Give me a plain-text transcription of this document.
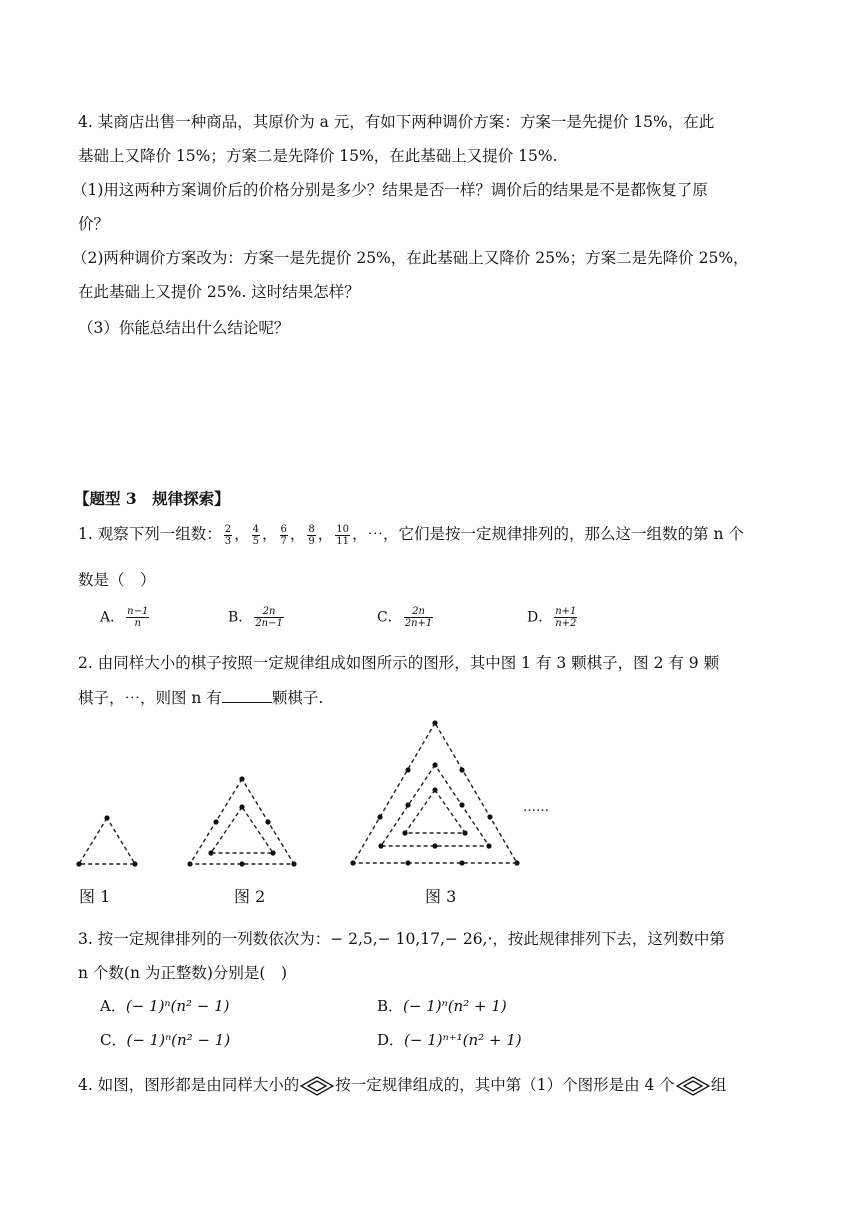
4. 某商店出售一种商品，其原价为 a 元，有如下两种调价方案：方案一是先提价 15%，在此
基础上又降价 15%；方案二是先降价 15%，在此基础上又提价 15%.
（1)用这两种方案调价后的价格分别是多少？结果是否一样？调价后的结果是不是都恢复了原
价？
（2)两种调价方案改为：方案一是先提价 25%，在此基础上又降价 25%；方案二是先降价 25%，
在此基础上又提价 25%. 这时结果怎样？
（3）你能总结出什么结论呢？
【题型 3　规律探索】
1. 观察下列一组数： $\frac{2}{3}$ ， $\frac{4}{5}$ ， $\frac{6}{7}$ ， $\frac{8}{9}$ ， $\frac{10}{11}$ ，⋯，它们是按一定规律排列的，那么这一组数的第 n 个
数是（　）
A． $\frac{n-1}{n}$	B． $\frac{2n}{2n-1}$	C． $\frac{2n}{2n+1}$	D． $\frac{n+1}{n+2}$
2. 由同样大小的棋子按照一定规律组成如图所示的图形，其中图 1 有 3 颗棋子，图 2 有 9 颗
棋子，⋯，则图 n 有	颗棋子.
……
图 1	图 2	图 3
3. 按一定规律排列的一列数依次为：− 2,5,− 10,17,− 26,·，按此规律排列下去，这列数中第
n 个数(n 为正整数)分别是(　)
A．(− 1)ⁿ(n² − 1)	B．(− 1)ⁿ(n² + 1)
C．(− 1)ⁿ(n² − 1)	D．(− 1)ⁿ⁺¹(n² + 1)
4. 如图，图形都是由同样大小的 按一定规律组成的，其中第（1）个图形是由 4 个 组
